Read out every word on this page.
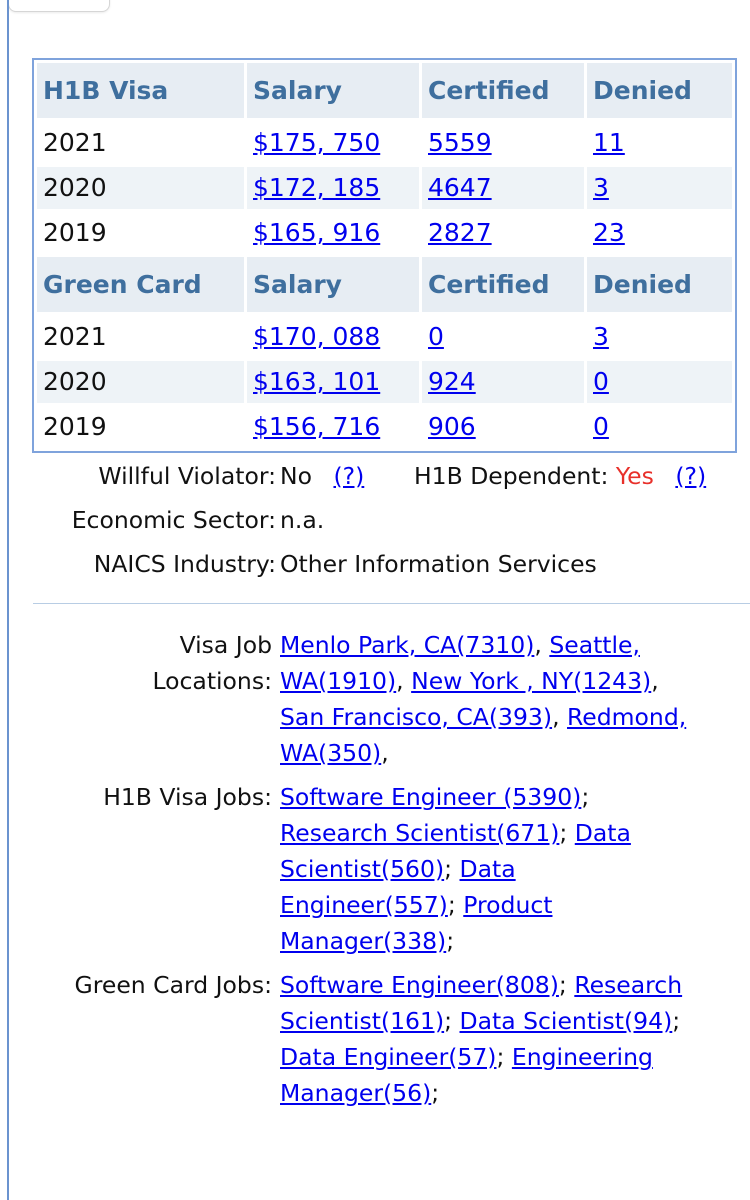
H1B Visa	Salary	Certified	Denied
2021	$175, 750	5559	11
2020	$172, 185	4647	3
2019	$165, 916	2827	23
Green Card	Salary	Certified	Denied
2021	$170, 088	0	3
2020	$163, 101	924	0
2019	$156, 716	906	0
Willful Violator: No (?) H1B Dependent: Yes (?)
Economic Sector: n.a.
NAICS Industry: Other Information Services
Visa Job
Locations:
Menlo Park, CA(7310), Seattle,
WA(1910), New York , NY(1243),
San Francisco, CA(393), Redmond,
WA(350),
H1B Visa Jobs: Software Engineer (5390);
Research Scientist(671); Data
Scientist(560); Data
Engineer(557); Product
Manager(338);
Green Card Jobs: Software Engineer(808); Research
Scientist(161); Data Scientist(94);
Data Engineer(57); Engineering
Manager(56);
